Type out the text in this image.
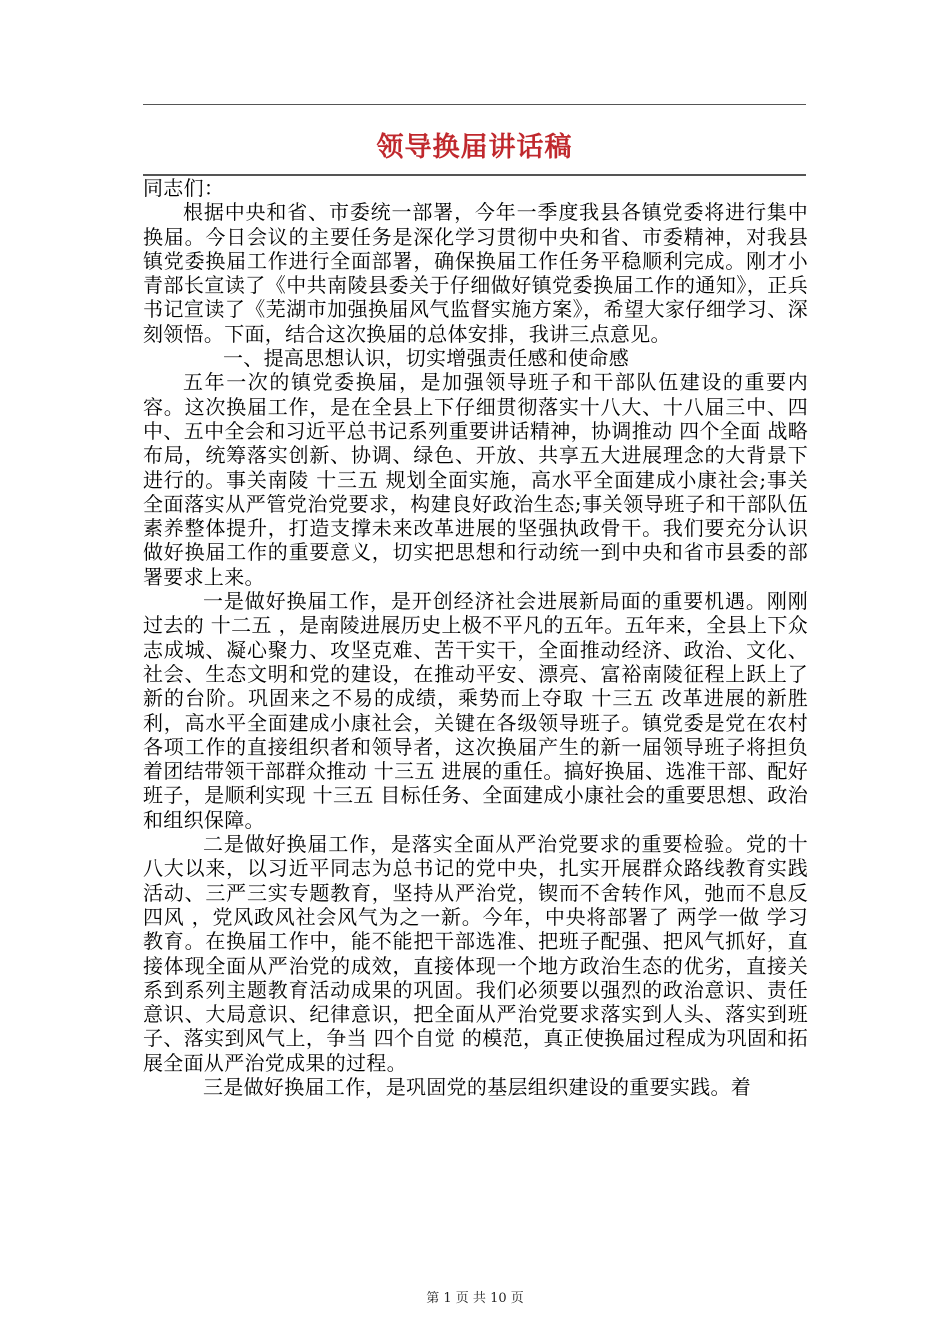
领导换届讲话稿

同志们：

根据中央和省、市委统一部署，今年一季度我县各镇党委将进行集中换届。今日会议的主要任务是深化学习贯彻中央和省、市委精神，对我县镇党委换届工作进行全面部署，确保换届工作任务平稳顺利完成。刚才小青部长宣读了《中共南陵县委关于仔细做好镇党委换届工作的通知》，正兵书记宣读了《芜湖市加强换届风气监督实施方案》，希望大家仔细学习、深刻领悟。下面，结合这次换届的总体安排，我讲三点意见。

一、提高思想认识，切实增强责任感和使命感

五年一次的镇党委换届，是加强领导班子和干部队伍建设的重要内容。这次换届工作，是在全县上下仔细贯彻落实十八大、十八届三中、四中、五中全会和习近平总书记系列重要讲话精神，协调推动 四个全面 战略布局，统筹落实创新、协调、绿色、开放、共享五大进展理念的大背景下进行的。事关南陵 十三五 规划全面实施，高水平全面建成小康社会;事关全面落实从严管党治党要求，构建良好政治生态;事关领导班子和干部队伍素养整体提升，打造支撑未来改革进展的坚强执政骨干。我们要充分认识做好换届工作的重要意义，切实把思想和行动统一到中央和省市县委的部署要求上来。

一是做好换届工作，是开创经济社会进展新局面的重要机遇。刚刚过去的 十二五 ，是南陵进展历史上极不平凡的五年。五年来，全县上下众志成城、凝心聚力、攻坚克难、苦干实干，全面推动经济、政治、文化、社会、生态文明和党的建设，在推动平安、漂亮、富裕南陵征程上跃上了新的台阶。巩固来之不易的成绩，乘势而上夺取 十三五 改革进展的新胜利，高水平全面建成小康社会，关键在各级领导班子。镇党委是党在农村各项工作的直接组织者和领导者，这次换届产生的新一届领导班子将担负着团结带领干部群众推动 十三五 进展的重任。搞好换届、选准干部、配好班子，是顺利实现 十三五 目标任务、全面建成小康社会的重要思想、政治和组织保障。

二是做好换届工作，是落实全面从严治党要求的重要检验。党的十八大以来，以习近平同志为总书记的党中央，扎实开展群众路线教育实践活动、三严三实专题教育，坚持从严治党，锲而不舍转作风，弛而不息反 四风 ，党风政风社会风气为之一新。今年，中央将部署了 两学一做 学习教育。在换届工作中，能不能把干部选准、把班子配强、把风气抓好，直接体现全面从严治党的成效，直接体现一个地方政治生态的优劣，直接关系到系列主题教育活动成果的巩固。我们必须要以强烈的政治意识、责任意识、大局意识、纪律意识，把全面从严治党要求落实到人头、落实到班子、落实到风气上，争当 四个自觉 的模范，真正使换届过程成为巩固和拓展全面从严治党成果的过程。

三是做好换届工作，是巩固党的基层组织建设的重要实践。着

第 1 页 共 10 页
